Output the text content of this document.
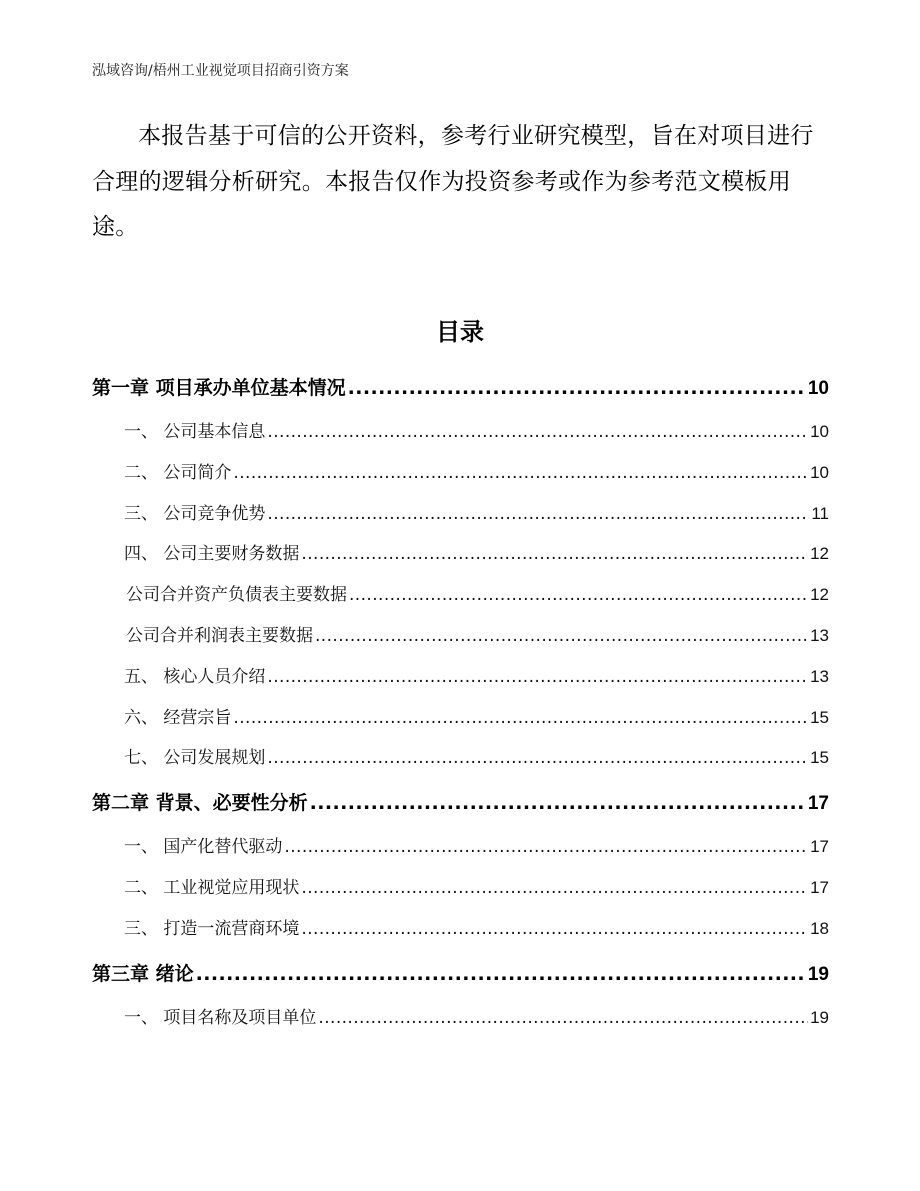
泓域咨询/梧州工业视觉项目招商引资方案
本报告基于可信的公开资料，参考行业研究模型，旨在对项目进行合理的逻辑分析研究。本报告仅作为投资参考或作为参考范文模板用途。
目录
第一章 项目承办单位基本情况 .....	10
一、 公司基本信息 .....	10
二、 公司简介 .....	10
三、 公司竞争优势 .....	11
四、 公司主要财务数据 .....	12
公司合并资产负债表主要数据 .....	12
公司合并利润表主要数据 .....	13
五、 核心人员介绍 .....	13
六、 经营宗旨 .....	15
七、 公司发展规划 .....	15
第二章 背景、必要性分析 .....	17
一、 国产化替代驱动 .....	17
二、 工业视觉应用现状 .....	17
三、 打造一流营商环境 .....	18
第三章 绪论 .....	19
一、 项目名称及项目单位 .....	19
